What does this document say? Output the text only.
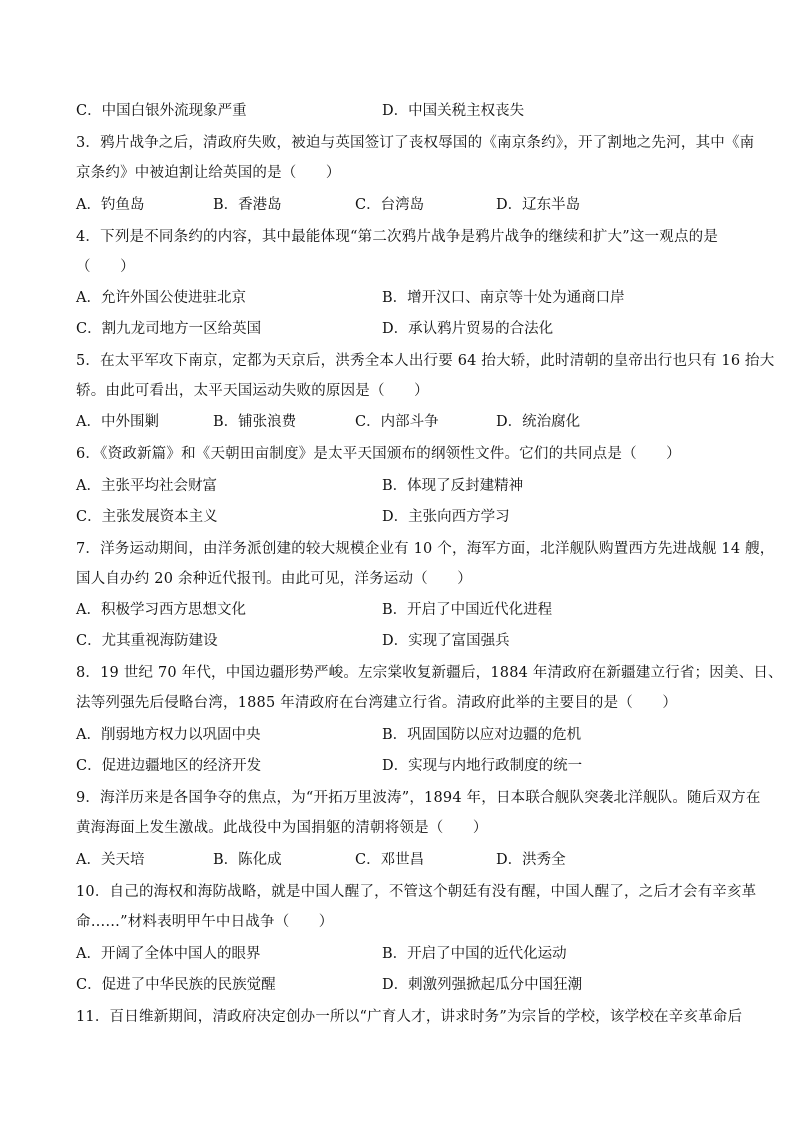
C．中国白银外流现象严重	D．中国关税主权丧失
3．鸦片战争之后，清政府失败，被迫与英国签订了丧权辱国的《南京条约》，开了割地之先河，其中《南
京条约》中被迫割让给英国的是（　　）
A．钓鱼岛	B．香港岛	C．台湾岛	D．辽东半岛
4．下列是不同条约的内容，其中最能体现“第二次鸦片战争是鸦片战争的继续和扩大”这一观点的是
（　　）
A．允许外国公使进驻北京	B．增开汉口、南京等十处为通商口岸
C．割九龙司地方一区给英国	D．承认鸦片贸易的合法化
5．在太平军攻下南京，定都为天京后，洪秀全本人出行要 64 抬大轿，此时清朝的皇帝出行也只有 16 抬大
轿。由此可看出，太平天国运动失败的原因是（　　）
A．中外围剿	B．铺张浪费	C．内部斗争	D．统治腐化
6．《资政新篇》和《天朝田亩制度》是太平天国颁布的纲领性文件。它们的共同点是（　　）
A．主张平均社会财富	B．体现了反封建精神
C．主张发展资本主义	D．主张向西方学习
7．洋务运动期间，由洋务派创建的较大规模企业有 10 个，海军方面，北洋舰队购置西方先进战舰 14 艘，
国人自办约 20 余种近代报刊。由此可见，洋务运动（　　）
A．积极学习西方思想文化	B．开启了中国近代化进程
C．尤其重视海防建设	D．实现了富国强兵
8．19 世纪 70 年代，中国边疆形势严峻。左宗棠收复新疆后，1884 年清政府在新疆建立行省；因美、日、
法等列强先后侵略台湾，1885 年清政府在台湾建立行省。清政府此举的主要目的是（　　）
A．削弱地方权力以巩固中央	B．巩固国防以应对边疆的危机
C．促进边疆地区的经济开发	D．实现与内地行政制度的统一
9．海洋历来是各国争夺的焦点，为“开拓万里波涛”，1894 年，日本联合舰队突袭北洋舰队。随后双方在
黄海海面上发生激战。此战役中为国捐躯的清朝将领是（　　）
A．关天培	B．陈化成	C．邓世昌	D．洪秀全
10．自己的海权和海防战略，就是中国人醒了，不管这个朝廷有没有醒，中国人醒了，之后才会有辛亥革
命……”材料表明甲午中日战争（　　）
A．开阔了全体中国人的眼界	B．开启了中国的近代化运动
C．促进了中华民族的民族觉醒	D．刺激列强掀起瓜分中国狂潮
11．百日维新期间，清政府决定创办一所以“广育人才，讲求时务”为宗旨的学校，该学校在辛亥革命后
